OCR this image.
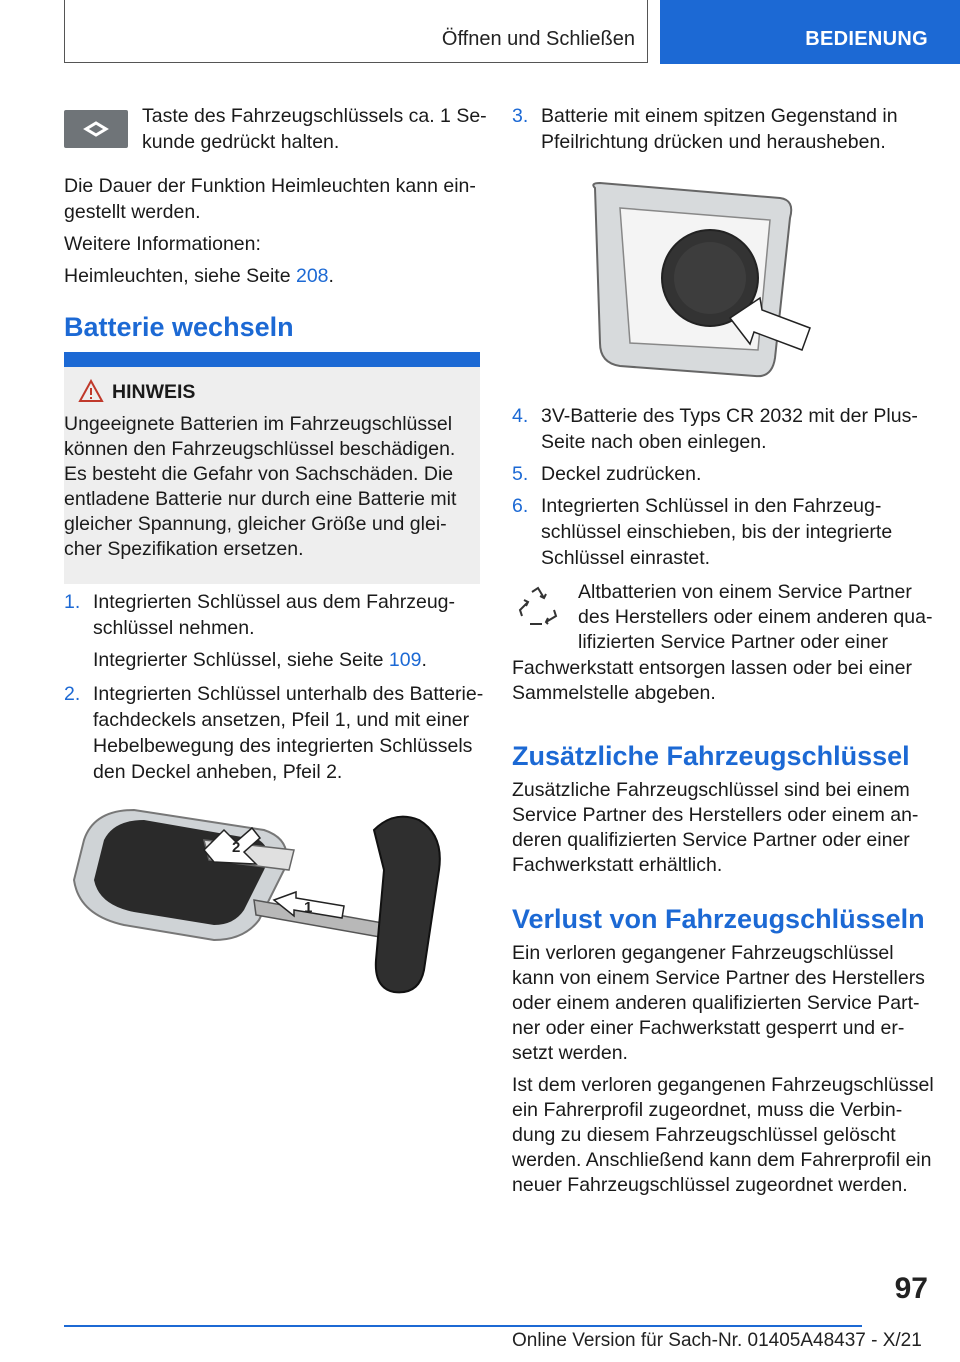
Öffnen und Schließen	BEDIENUNG

Taste des Fahrzeugschlüssels ca. 1 Se-

kunde gedrückt halten.

Die Dauer der Funktion Heimleuchten kann ein-

gestellt werden.

Weitere Informationen:

Heimleuchten, siehe Seite 208.

Batterie wechseln
HINWEIS

Ungeeignete Batterien im Fahrzeugschlüssel

können den Fahrzeugschlüssel beschädigen.

Es besteht die Gefahr von Sachschäden. Die

entladene Batterie nur durch eine Batterie mit

gleicher Spannung, gleicher Größe und glei-

cher Spezifikation ersetzen.

1. Integrierten Schlüssel aus dem Fahrzeug-

schlüssel nehmen.

Integrierter Schlüssel, siehe Seite 109.

2. Integrierten Schlüssel unterhalb des Batterie-

fachdeckels ansetzen, Pfeil 1, und mit einer

Hebelbewegung des integrierten Schlüssels

den Deckel anheben, Pfeil 2.

2
1
3. Batterie mit einem spitzen Gegenstand in

Pfeilrichtung drücken und herausheben.

4. 3V-Batterie des Typs CR 2032 mit der Plus-

Seite nach oben einlegen.

5. Deckel zudrücken.

6. Integrierten Schlüssel in den Fahrzeug-

schlüssel einschieben, bis der integrierte

Schlüssel einrastet.

Altbatterien von einem Service Partner

des Herstellers oder einem anderen qua-

lifizierten Service Partner oder einer

Fachwerkstatt entsorgen lassen oder bei einer

Sammelstelle abgeben.

Zusätzliche Fahrzeugschlüssel

Zusätzliche Fahrzeugschlüssel sind bei einem

Service Partner des Herstellers oder einem an-

deren qualifizierten Service Partner oder einer

Fachwerkstatt erhältlich.

Verlust von Fahrzeugschlüsseln

Ein verloren gegangener Fahrzeugschlüssel

kann von einem Service Partner des Herstellers

oder einem anderen qualifizierten Service Part-

ner oder einer Fachwerkstatt gesperrt und er-

setzt werden.

Ist dem verloren gegangenen Fahrzeugschlüssel

ein Fahrerprofil zugeordnet, muss die Verbin-

dung zu diesem Fahrzeugschlüssel gelöscht

werden. Anschließend kann dem Fahrerprofil ein

neuer Fahrzeugschlüssel zugeordnet werden.

97
Online Version für Sach-Nr. 01405A48437 - X/21
